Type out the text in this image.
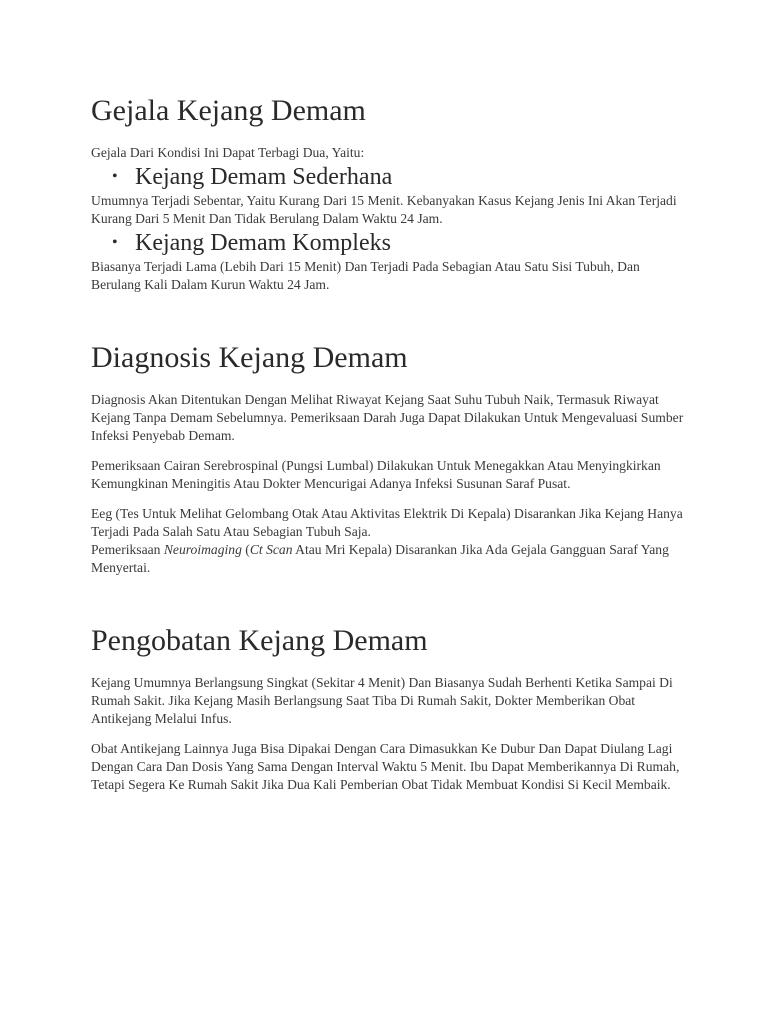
Gejala Kejang Demam

Gejala Dari Kondisi Ini Dapat Terbagi Dua, Yaitu:

• Kejang Demam Sederhana

Umumnya Terjadi Sebentar, Yaitu Kurang Dari 15 Menit. Kebanyakan Kasus Kejang Jenis Ini Akan Terjadi Kurang Dari 5 Menit Dan Tidak Berulang Dalam Waktu 24 Jam.

• Kejang Demam Kompleks

Biasanya Terjadi Lama (Lebih Dari 15 Menit) Dan Terjadi Pada Sebagian Atau Satu Sisi Tubuh, Dan Berulang Kali Dalam Kurun Waktu 24 Jam.

Diagnosis Kejang Demam

Diagnosis Akan Ditentukan Dengan Melihat Riwayat Kejang Saat Suhu Tubuh Naik, Termasuk Riwayat Kejang Tanpa Demam Sebelumnya. Pemeriksaan Darah Juga Dapat Dilakukan Untuk Mengevaluasi Sumber Infeksi Penyebab Demam.

Pemeriksaan Cairan Serebrospinal (Pungsi Lumbal) Dilakukan Untuk Menegakkan Atau Menyingkirkan Kemungkinan Meningitis Atau Dokter Mencurigai Adanya Infeksi Susunan Saraf Pusat.

Eeg (Tes Untuk Melihat Gelombang Otak Atau Aktivitas Elektrik Di Kepala) Disarankan Jika Kejang Hanya Terjadi Pada Salah Satu Atau Sebagian Tubuh Saja.

Pemeriksaan Neuroimaging (Ct Scan Atau Mri Kepala) Disarankan Jika Ada Gejala Gangguan Saraf Yang Menyertai.

Pengobatan Kejang Demam

Kejang Umumnya Berlangsung Singkat (Sekitar 4 Menit) Dan Biasanya Sudah Berhenti Ketika Sampai Di Rumah Sakit. Jika Kejang Masih Berlangsung Saat Tiba Di Rumah Sakit, Dokter Memberikan Obat Antikejang Melalui Infus.

Obat Antikejang Lainnya Juga Bisa Dipakai Dengan Cara Dimasukkan Ke Dubur Dan Dapat Diulang Lagi Dengan Cara Dan Dosis Yang Sama Dengan Interval Waktu 5 Menit. Ibu Dapat Memberikannya Di Rumah, Tetapi Segera Ke Rumah Sakit Jika Dua Kali Pemberian Obat Tidak Membuat Kondisi Si Kecil Membaik.
